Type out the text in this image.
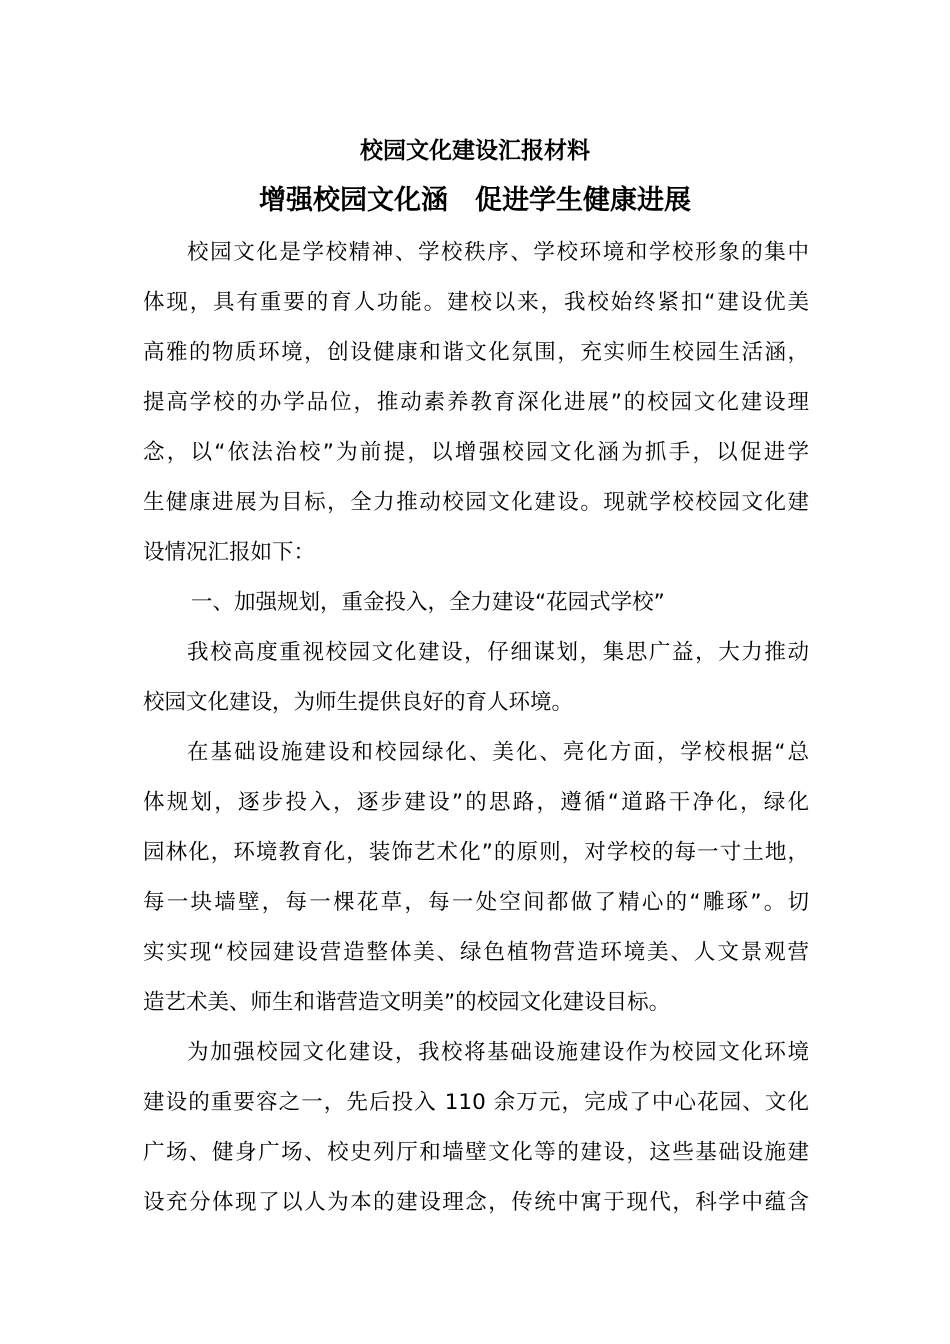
校园文化建设汇报材料
增强校园文化涵　促进学生健康进展
校园文化是学校精神、学校秩序、学校环境和学校形象的集中
体现，具有重要的育人功能。建校以来，我校始终紧扣“建设优美
高雅的物质环境，创设健康和谐文化氛围，充实师生校园生活涵，
提高学校的办学品位，推动素养教育深化进展”的校园文化建设理
念，以“依法治校”为前提，以增强校园文化涵为抓手，以促进学
生健康进展为目标，全力推动校园文化建设。现就学校校园文化建
设情况汇报如下：
一、加强规划，重金投入，全力建设“花园式学校”
我校高度重视校园文化建设，仔细谋划，集思广益，大力推动
校园文化建设，为师生提供良好的育人环境。
在基础设施建设和校园绿化、美化、亮化方面，学校根据“总
体规划，逐步投入，逐步建设”的思路，遵循“道路干净化，绿化
园林化，环境教育化，装饰艺术化”的原则，对学校的每一寸土地，
每一块墙壁，每一棵花草，每一处空间都做了精心的“雕琢”。切
实实现“校园建设营造整体美、绿色植物营造环境美、人文景观营
造艺术美、师生和谐营造文明美”的校园文化建设目标。
为加强校园文化建设，我校将基础设施建设作为校园文化环境
建设的重要容之一，先后投入 110 余万元，完成了中心花园、文化
广场、健身广场、校史列厅和墙壁文化等的建设，这些基础设施建
设充分体现了以人为本的建设理念，传统中寓于现代，科学中蕴含
